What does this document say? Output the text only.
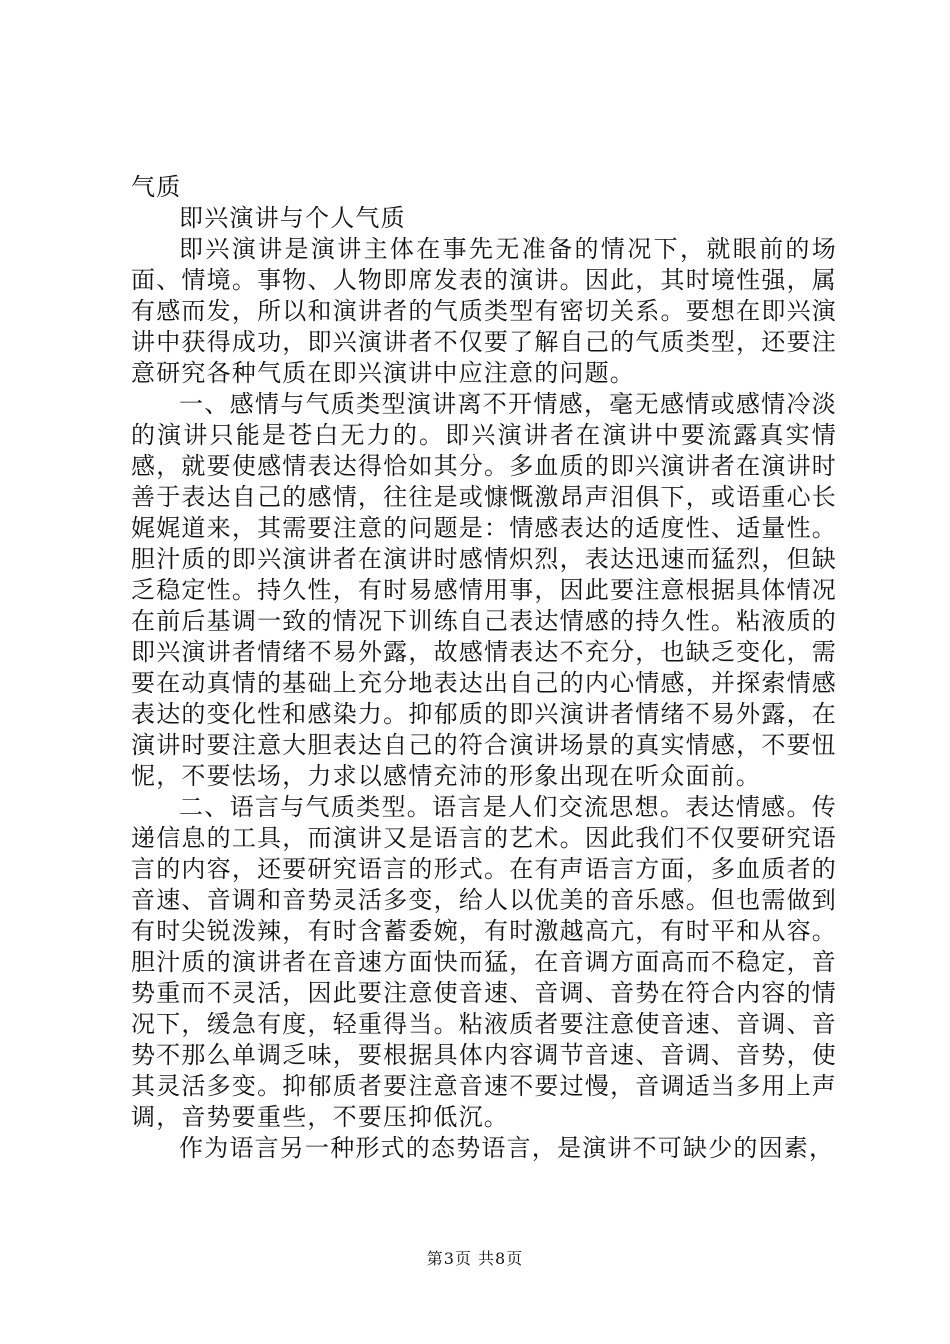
气质

即兴演讲与个人气质

即兴演讲是演讲主体在事先无准备的情况下，就眼前的场面、情境。事物、人物即席发表的演讲。因此，其时境性强，属有感而发，所以和演讲者的气质类型有密切关系。要想在即兴演讲中获得成功，即兴演讲者不仅要了解自己的气质类型，还要注意研究各种气质在即兴演讲中应注意的问题。

一、感情与气质类型演讲离不开情感，毫无感情或感情冷淡的演讲只能是苍白无力的。即兴演讲者在演讲中要流露真实情感，就要使感情表达得恰如其分。多血质的即兴演讲者在演讲时善于表达自己的感情，往往是或慷慨激昂声泪俱下，或语重心长娓娓道来，其需要注意的问题是：情感表达的适度性、适量性。胆汁质的即兴演讲者在演讲时感情炽烈，表达迅速而猛烈，但缺乏稳定性。持久性，有时易感情用事，因此要注意根据具体情况在前后基调一致的情况下训练自己表达情感的持久性。粘液质的即兴演讲者情绪不易外露，故感情表达不充分，也缺乏变化，需要在动真情的基础上充分地表达出自己的内心情感，并探索情感表达的变化性和感染力。抑郁质的即兴演讲者情绪不易外露，在演讲时要注意大胆表达自己的符合演讲场景的真实情感，不要忸怩，不要怯场，力求以感情充沛的形象出现在听众面前。

二、语言与气质类型。语言是人们交流思想。表达情感。传递信息的工具，而演讲又是语言的艺术。因此我们不仅要研究语言的内容，还要研究语言的形式。在有声语言方面，多血质者的音速、音调和音势灵活多变，给人以优美的音乐感。但也需做到有时尖锐泼辣，有时含蓄委婉，有时激越高亢，有时平和从容。胆汁质的演讲者在音速方面快而猛，在音调方面高而不稳定，音势重而不灵活，因此要注意使音速、音调、音势在符合内容的情况下，缓急有度，轻重得当。粘液质者要注意使音速、音调、音势不那么单调乏味，要根据具体内容调节音速、音调、音势，使其灵活多变。抑郁质者要注意音速不要过慢，音调适当多用上声调，音势要重些，不要压抑低沉。

作为语言另一种形式的态势语言，是演讲不可缺少的因素，

第3页 共8页
